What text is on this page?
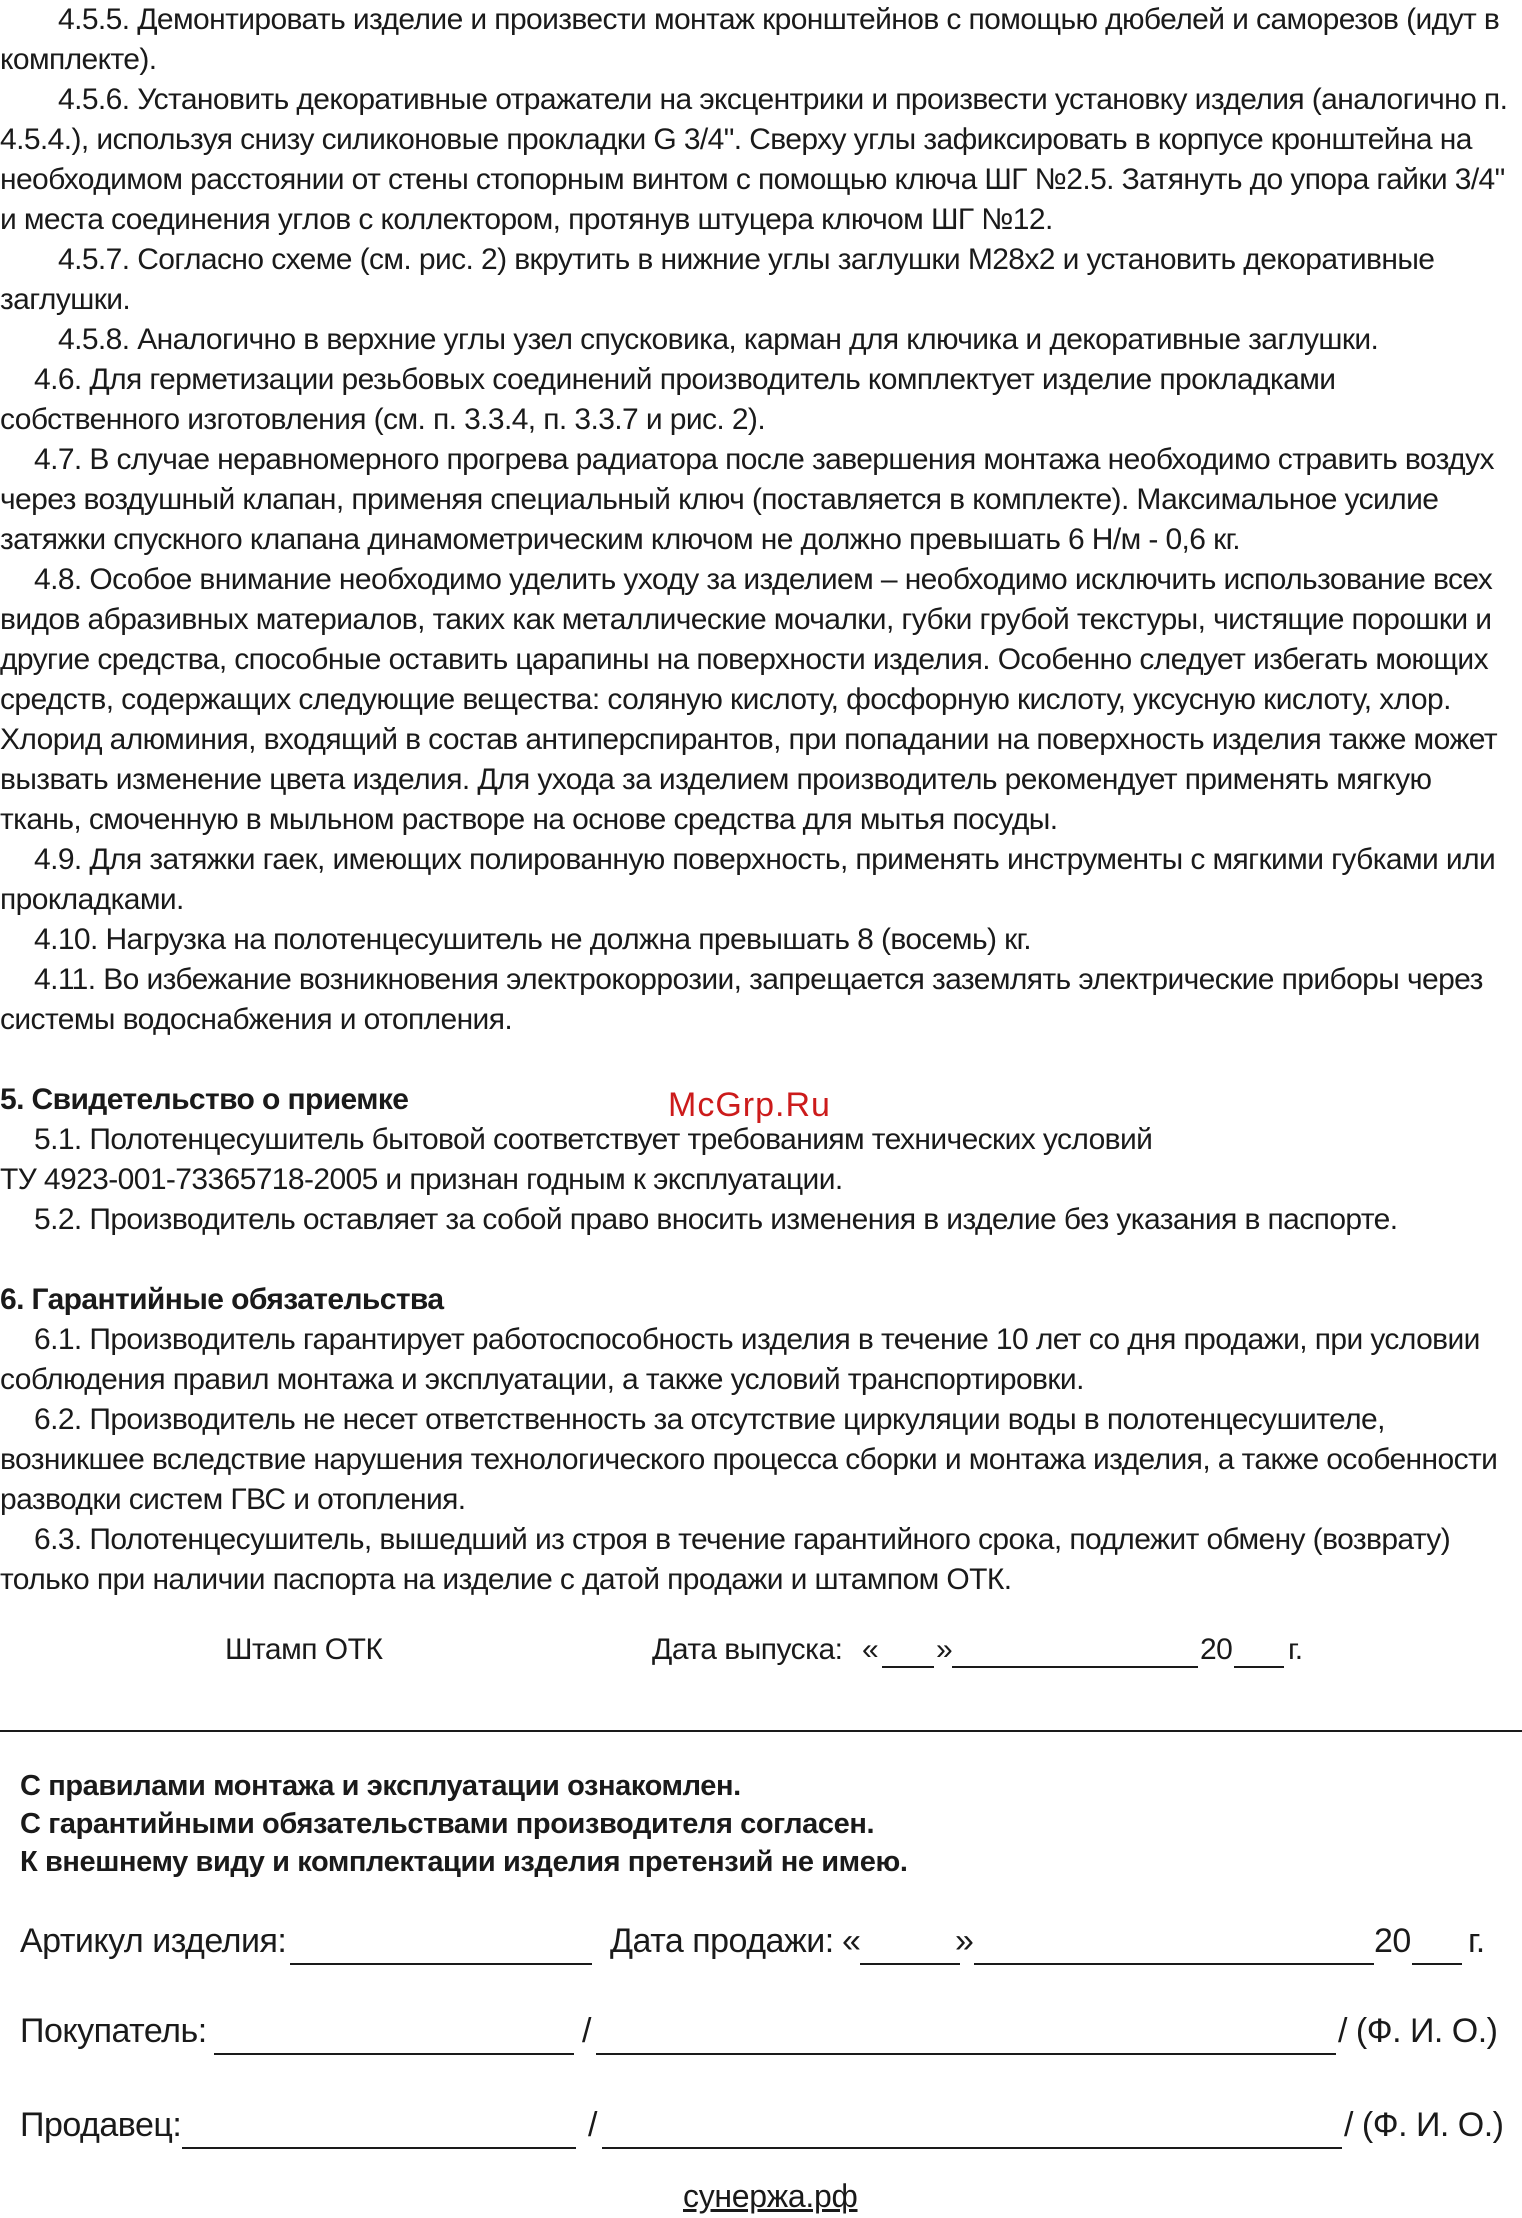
4.5.5. Демонтировать изделие и произвести монтаж кронштейнов с помощью дюбелей и саморезов (идут в комплекте).

4.5.6. Установить декоративные отражатели на эксцентрики и произвести установку изделия (аналогично п. 4.5.4.), используя снизу силиконовые прокладки G 3/4". Сверху углы зафиксировать в корпусе кронштейна на необходимом расстоянии от стены стопорным винтом с помощью ключа ШГ №2.5. Затянуть до упора гайки 3/4" и места соединения углов с коллектором, протянув штуцера ключом ШГ №12.

4.5.7. Согласно схеме (см. рис. 2) вкрутить в нижние углы заглушки М28х2 и установить декоративные заглушки.

4.5.8. Аналогично в верхние углы узел спусковика, карман для ключика и декоративные заглушки.

4.6. Для герметизации резьбовых соединений производитель комплектует изделие прокладками собственного изготовления (см. п. 3.3.4, п. 3.3.7 и рис. 2).

4.7. В случае неравномерного прогрева радиатора после завершения монтажа необходимо стравить воздух через воздушный клапан, применяя специальный ключ (поставляется в комплекте). Максимальное усилие затяжки спускного клапана динамометрическим ключом не должно превышать 6 Н/м - 0,6 кг.

4.8. Особое внимание необходимо уделить уходу за изделием – необходимо исключить использование всех видов абразивных материалов, таких как металлические мочалки, губки грубой текстуры, чистящие порошки и другие средства, способные оставить царапины на поверхности изделия. Особенно следует избегать моющих средств, содержащих следующие вещества: соляную кислоту, фосфорную кислоту, уксусную кислоту, хлор. Хлорид алюминия, входящий в состав антиперспирантов, при попадании на поверхность изделия также может вызвать изменение цвета изделия. Для ухода за изделием производитель рекомендует применять мягкую ткань, смоченную в мыльном растворе на основе средства для мытья посуды.

4.9. Для затяжки гаек, имеющих полированную поверхность, применять инструменты с мягкими губками или прокладками.

4.10. Нагрузка на полотенцесушитель не должна превышать 8 (восемь) кг.

4.11. Во избежание возникновения электрокоррозии, запрещается заземлять электрические приборы через системы водоснабжения и отопления.

5. Свидетельство о приемке

5.1. Полотенцесушитель бытовой соответствует требованиям технических условий

ТУ 4923-001-73365718-2005 и признан годным к эксплуатации.

5.2. Производитель оставляет за собой право вносить изменения в изделие без указания в паспорте.

6. Гарантийные обязательства

6.1. Производитель гарантирует работоспособность изделия в течение 10 лет со дня продажи, при условии соблюдения правил монтажа и эксплуатации, а также условий транспортировки.

6.2. Производитель не несет ответственность за отсутствие циркуляции воды в полотенцесушителе, возникшее вследствие нарушения технологического процесса сборки и монтажа изделия, а также особенности разводки систем ГВС и отопления.

6.3. Полотенцесушитель, вышедший из строя в течение гарантийного срока, подлежит обмену (возврату) только при наличии паспорта на изделие с датой продажи и штампом ОТК.

McGrp.Ru
Штамп ОТК	Дата выпуска: « »	20 г.
С правилами монтажа и эксплуатации ознакомлен.
С гарантийными обязательствами производителя согласен.
К внешнему виду и комплектации изделия претензий не имею.
Артикул изделия:	Дата продажи: «	»	20 г.
Покупатель:	/	/ (Ф. И. О.)
Продавец:	/	/ (Ф. И. О.)
сунержа.рф
